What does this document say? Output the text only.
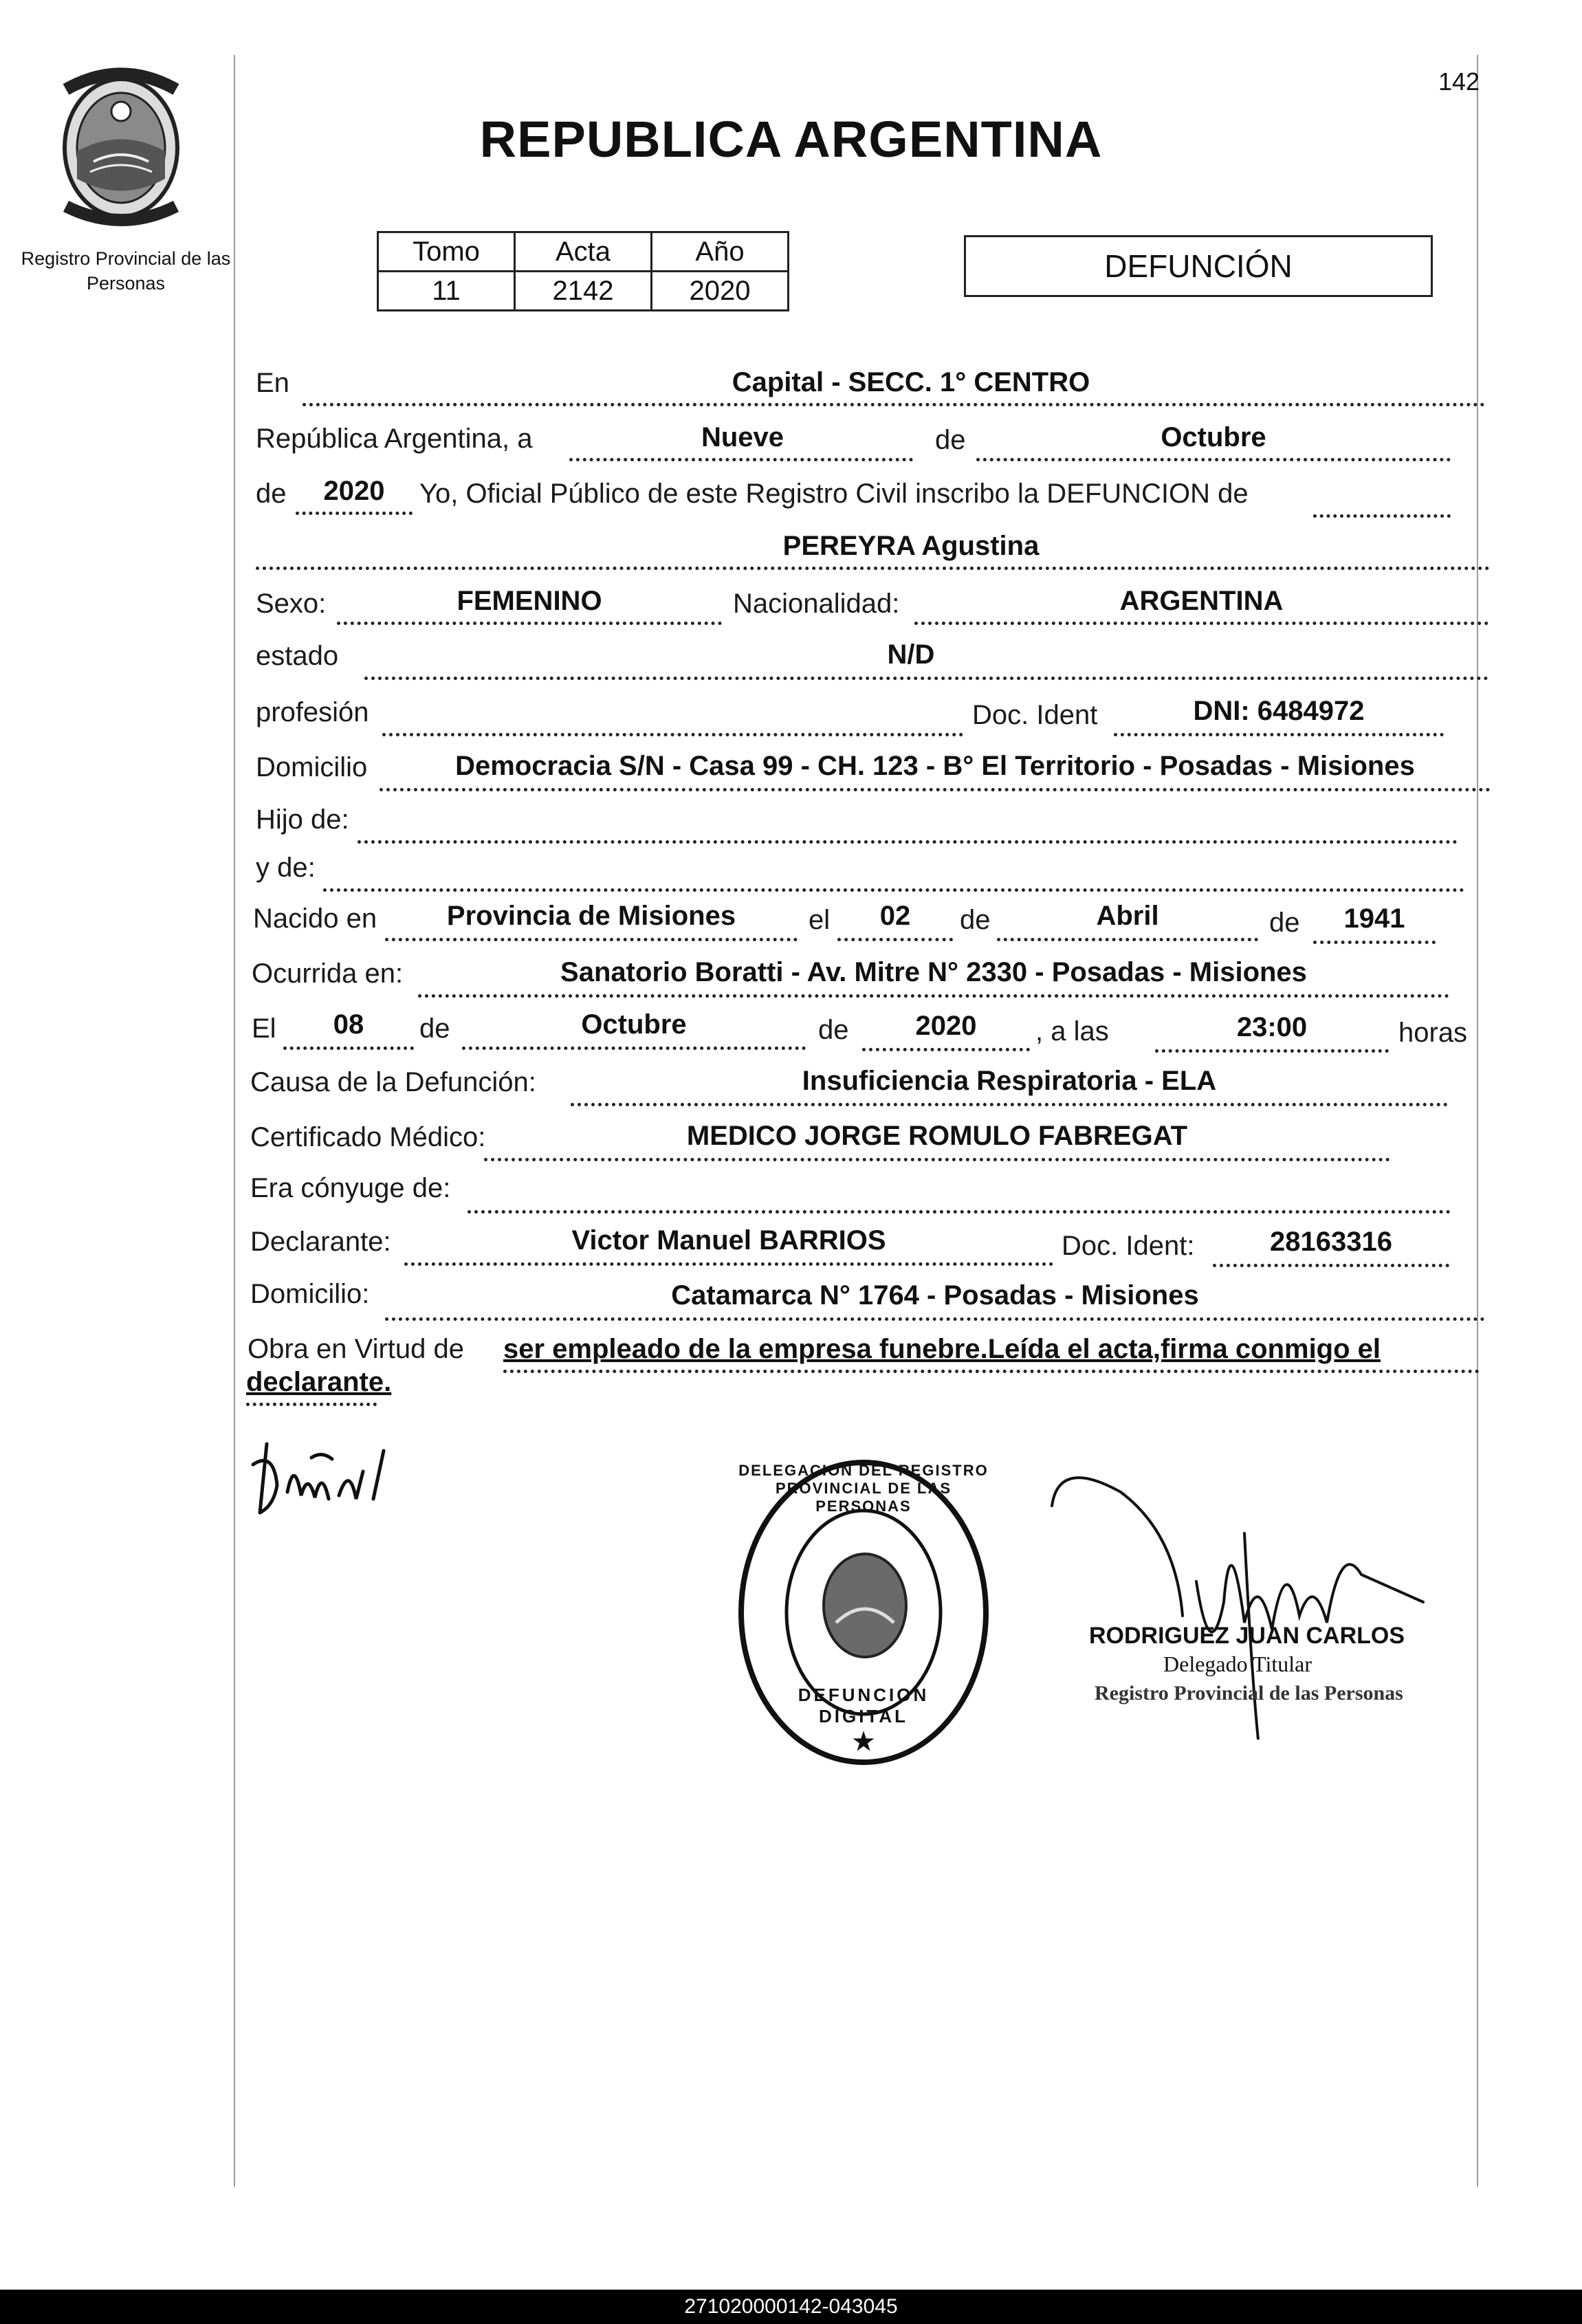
Registro Provincial de las Personas
142
REPUBLICA ARGENTINA
Tomo	Acta	Año
11	2142	2020
DEFUNCIÓN
En	Capital - SECC. 1° CENTRO
República Argentina, a	Nueve	de	Octubre
de	2020	Yo, Oficial Público de este Registro Civil inscribo la DEFUNCION de
PEREYRA Agustina
Sexo:	FEMENINO	Nacionalidad:	ARGENTINA
estado	N/D
profesión	Doc. Ident	DNI: 6484972
Domicilio	Democracia S/N - Casa 99 - CH. 123 - B° El Territorio - Posadas - Misiones
Hijo de:
y de:
Nacido en	Provincia de Misiones	el	02	de	Abril	de	1941
Ocurrida en:	Sanatorio Boratti - Av. Mitre N° 2330 - Posadas - Misiones
El	08	de	Octubre	de	2020	, a las	23:00	horas
Causa de la Defunción:	Insuficiencia Respiratoria - ELA
Certificado Médico:	MEDICO JORGE ROMULO FABREGAT
Era cónyuge de:
Declarante:	Victor Manuel BARRIOS	Doc. Ident:	28163316
Domicilio:	Catamarca N° 1764 - Posadas - Misiones
Obra en Virtud de ser empleado de la empresa funebre.Leída el acta,firma conmigo el
declarante.
★
DELEGACION DEL REGISTRO PROVINCIAL DE LAS PERSONAS
DEFUNCION DIGITAL
RODRIGUEZ JUAN CARLOS
Delegado Titular
Registro Provincial de las Personas
271020000142-043045
